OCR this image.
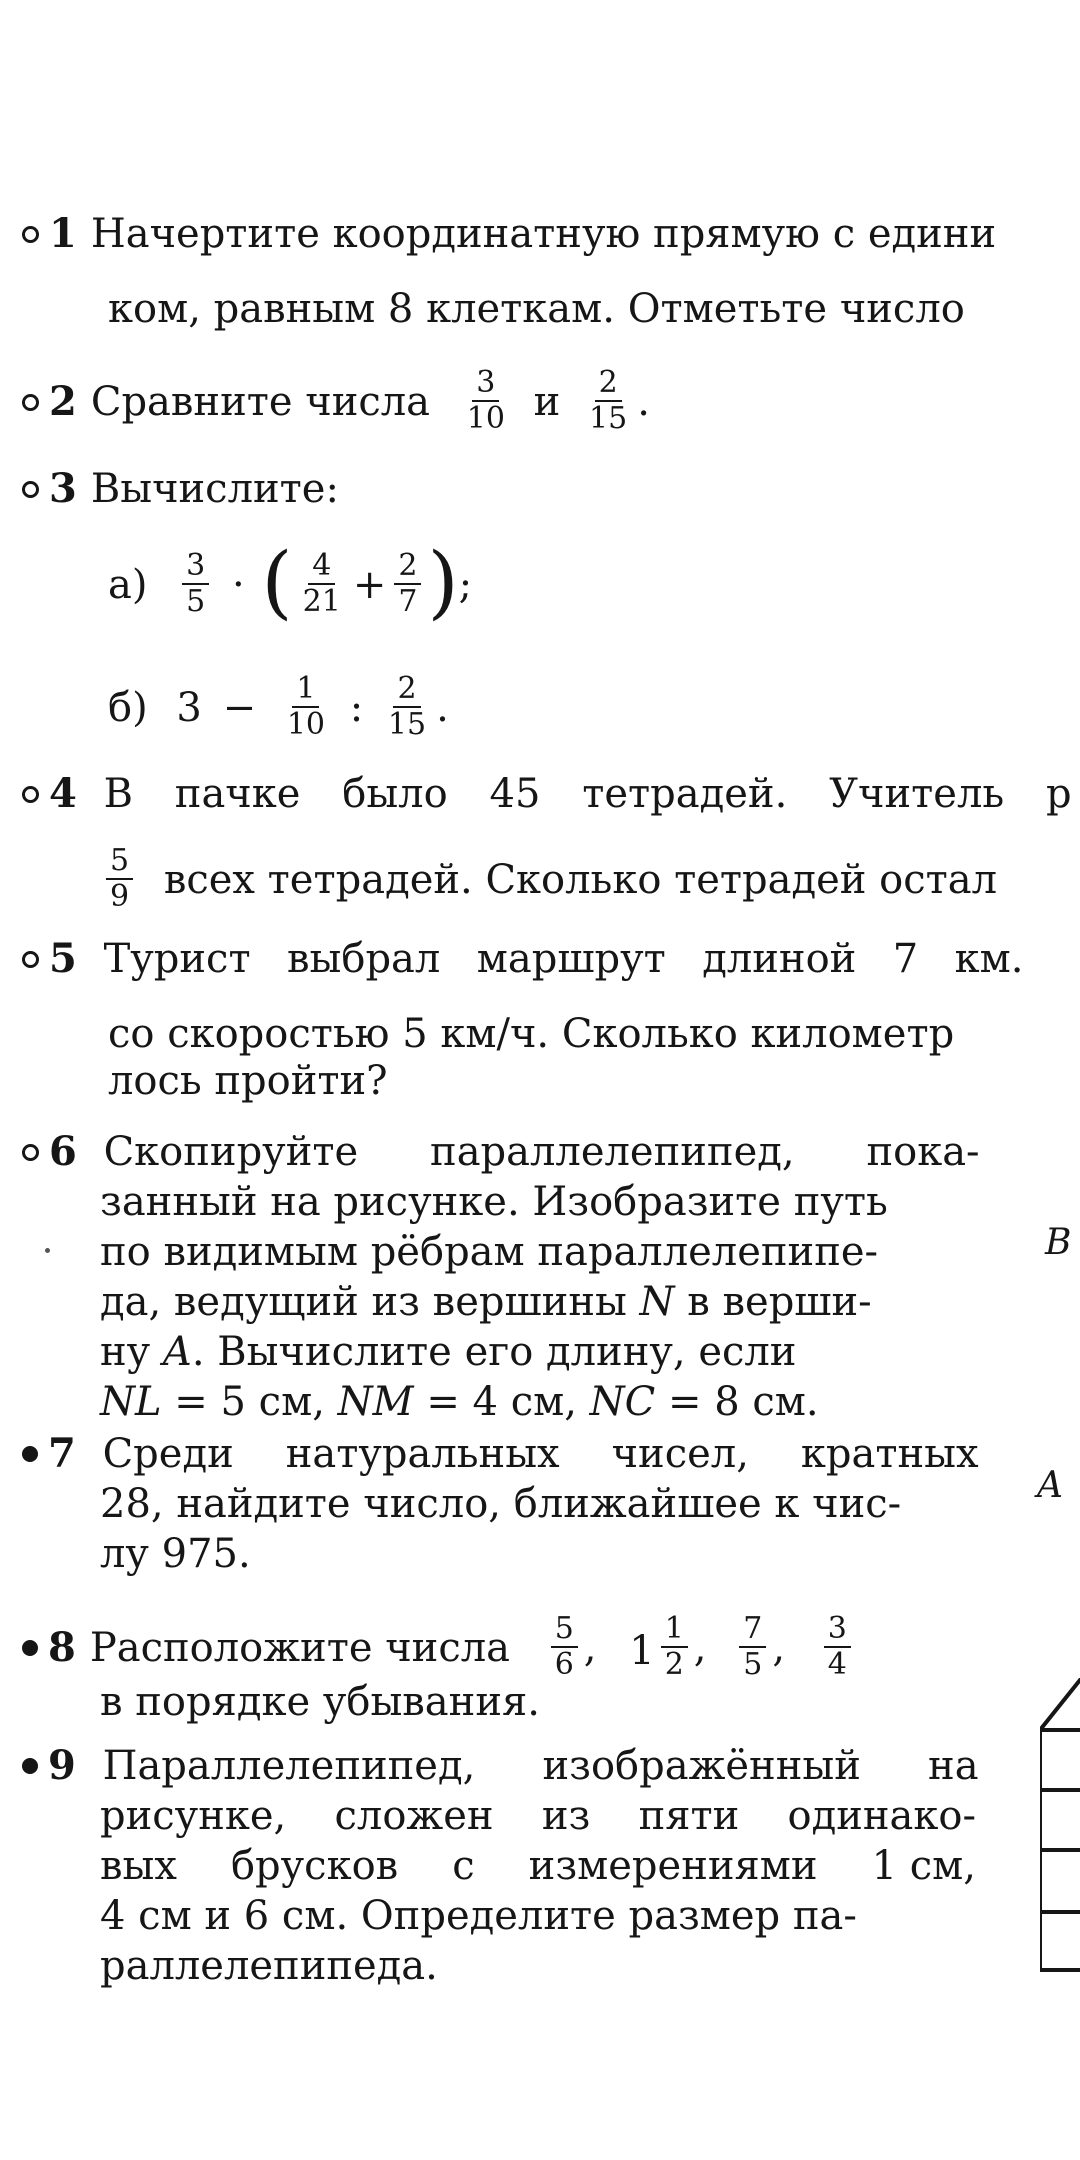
1 Начертите координатную прямую с едини
ком, равным 8 клеткам. Отметьте число
2 Сравните числа $\frac{3}{10}$ и $\frac{2}{15}$ .
3 Вычислите:
$а) \frac{3}{5}$ · ( $\frac{4}{21} + \frac{2}{7}$ );
б) $3 - \frac{1}{10}$ : $\frac{2}{15}$ .
4 В пачке было 45 тетрадей. Учитель р
$\frac{5}{9}$ всех тетрадей. Сколько тетрадей остал
5 Турист выбрал маршрут длиной 7 км.
со скоростью 5 км/ч. Сколько километр
лось пройти?
6 Скопируйте параллелепипед, пока-
занный на рисунке. Изобразите путь
по видимым рёбрам параллелепипе-
да, ведущий из вершины N в верши-
ну A. Вычислите его длину, если
NL = 5 см, NM = 4 см, NC = 8 см.
B
A
7 Среди натуральных чисел, кратных
28, найдите число, ближайшее к чис-
лу 975.
8 Расположите числа $\frac{5}{6}$ , 1 1
2 , $\frac{7}{5}$ , $\frac{3}{4}$
в порядке убывания.
9 Параллелепипед, изображённый на
рисунке, сложен из пяти одинако-
вых брусков с измерениями 1 см,
4 см и 6 см. Определите размер па-
раллелепипеда.
